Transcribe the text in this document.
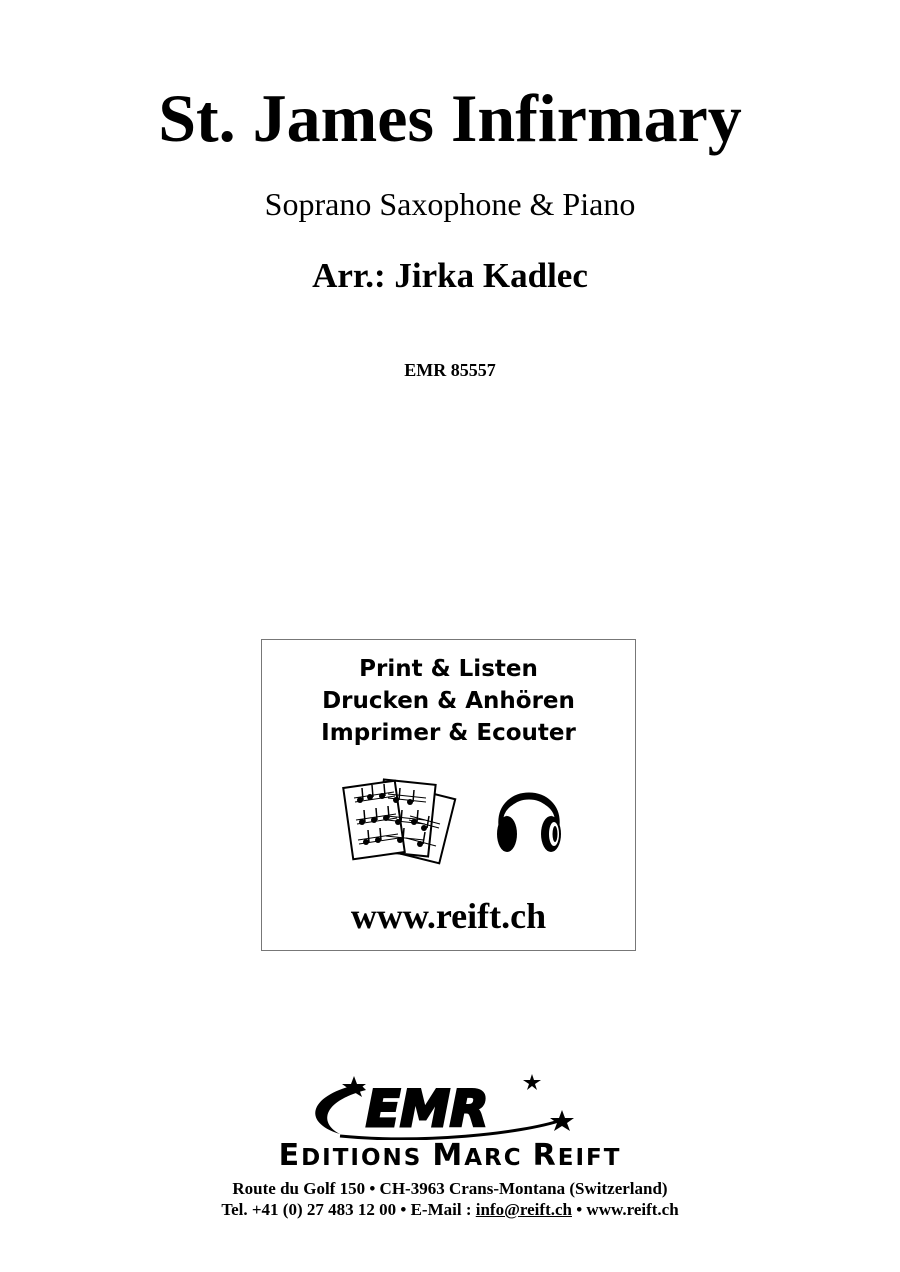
St. James Infirmary
Soprano Saxophone & Piano
Arr.: Jirka Kadlec
EMR 85557
Print & Listen
Drucken & Anhören
Imprimer & Ecouter
www.reift.ch
EMR
EDITIONS MARC REIFT
Route du Golf 150 • CH-3963 Crans-Montana (Switzerland)
Tel. +41 (0) 27 483 12 00 • E-Mail : info@reift.ch • www.reift.ch
